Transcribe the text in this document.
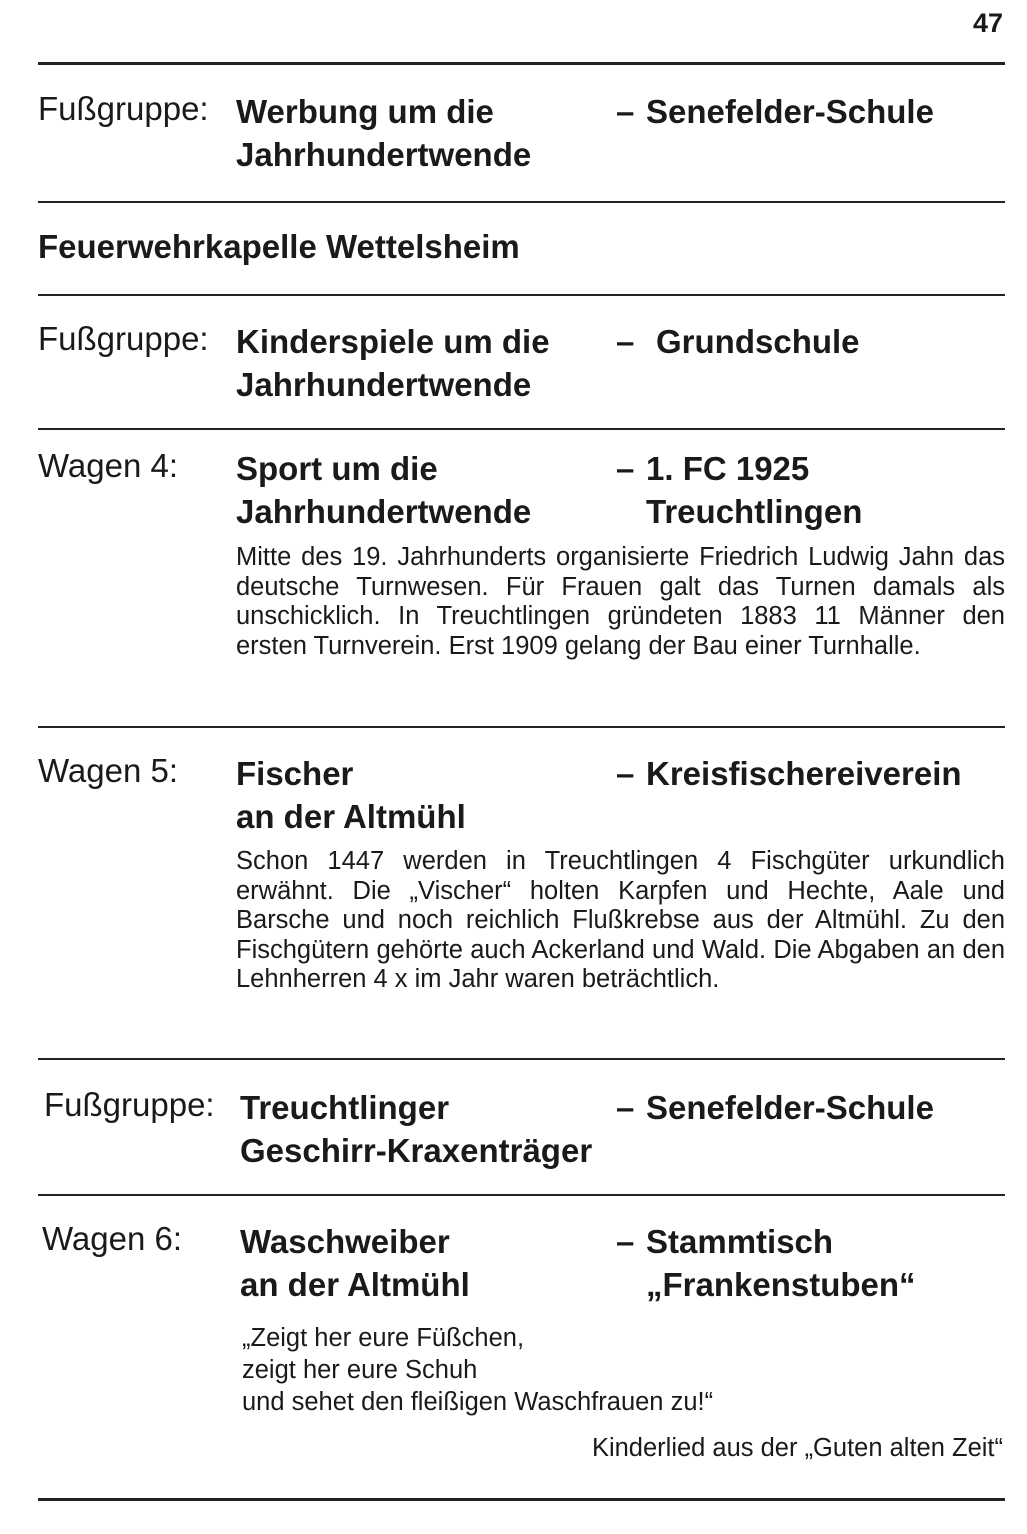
47
Fußgruppe: Werbung um die
Jahrhundertwende
– Senefelder-Schule
Feuerwehrkapelle Wettelsheim
Fußgruppe: Kinderspiele um die
Jahrhundertwende
– Grundschule
Wagen 4: Sport um die
Jahrhundertwende
– 1. FC 1925
Treuchtlingen
Mitte des 19. Jahrhunderts organisierte Friedrich Ludwig Jahn das deutsche Turnwesen. Für Frauen galt das Turnen damals als unschicklich. In Treuchtlingen gründeten 1883 11 Männer den ersten Turnverein. Erst 1909 gelang der Bau einer Turnhalle.
Wagen 5: Fischer
an der Altmühl
– Kreisfischereiverein
Schon 1447 werden in Treuchtlingen 4 Fischgüter urkundlich erwähnt. Die „Vischer“ holten Karpfen und Hechte, Aale und Barsche und noch reichlich Flußkrebse aus der Altmühl. Zu den Fischgütern gehörte auch Ackerland und Wald. Die Abgaben an den Lehnherren 4 x im Jahr waren beträchtlich.
Fußgruppe: Treuchtlinger
Geschirr-Kraxenträger
– Senefelder-Schule
Wagen 6: Waschweiber
an der Altmühl
– Stammtisch
„Frankenstuben“
„Zeigt her eure Füßchen,
zeigt her eure Schuh
und sehet den fleißigen Waschfrauen zu!“
Kinderlied aus der „Guten alten Zeit“
